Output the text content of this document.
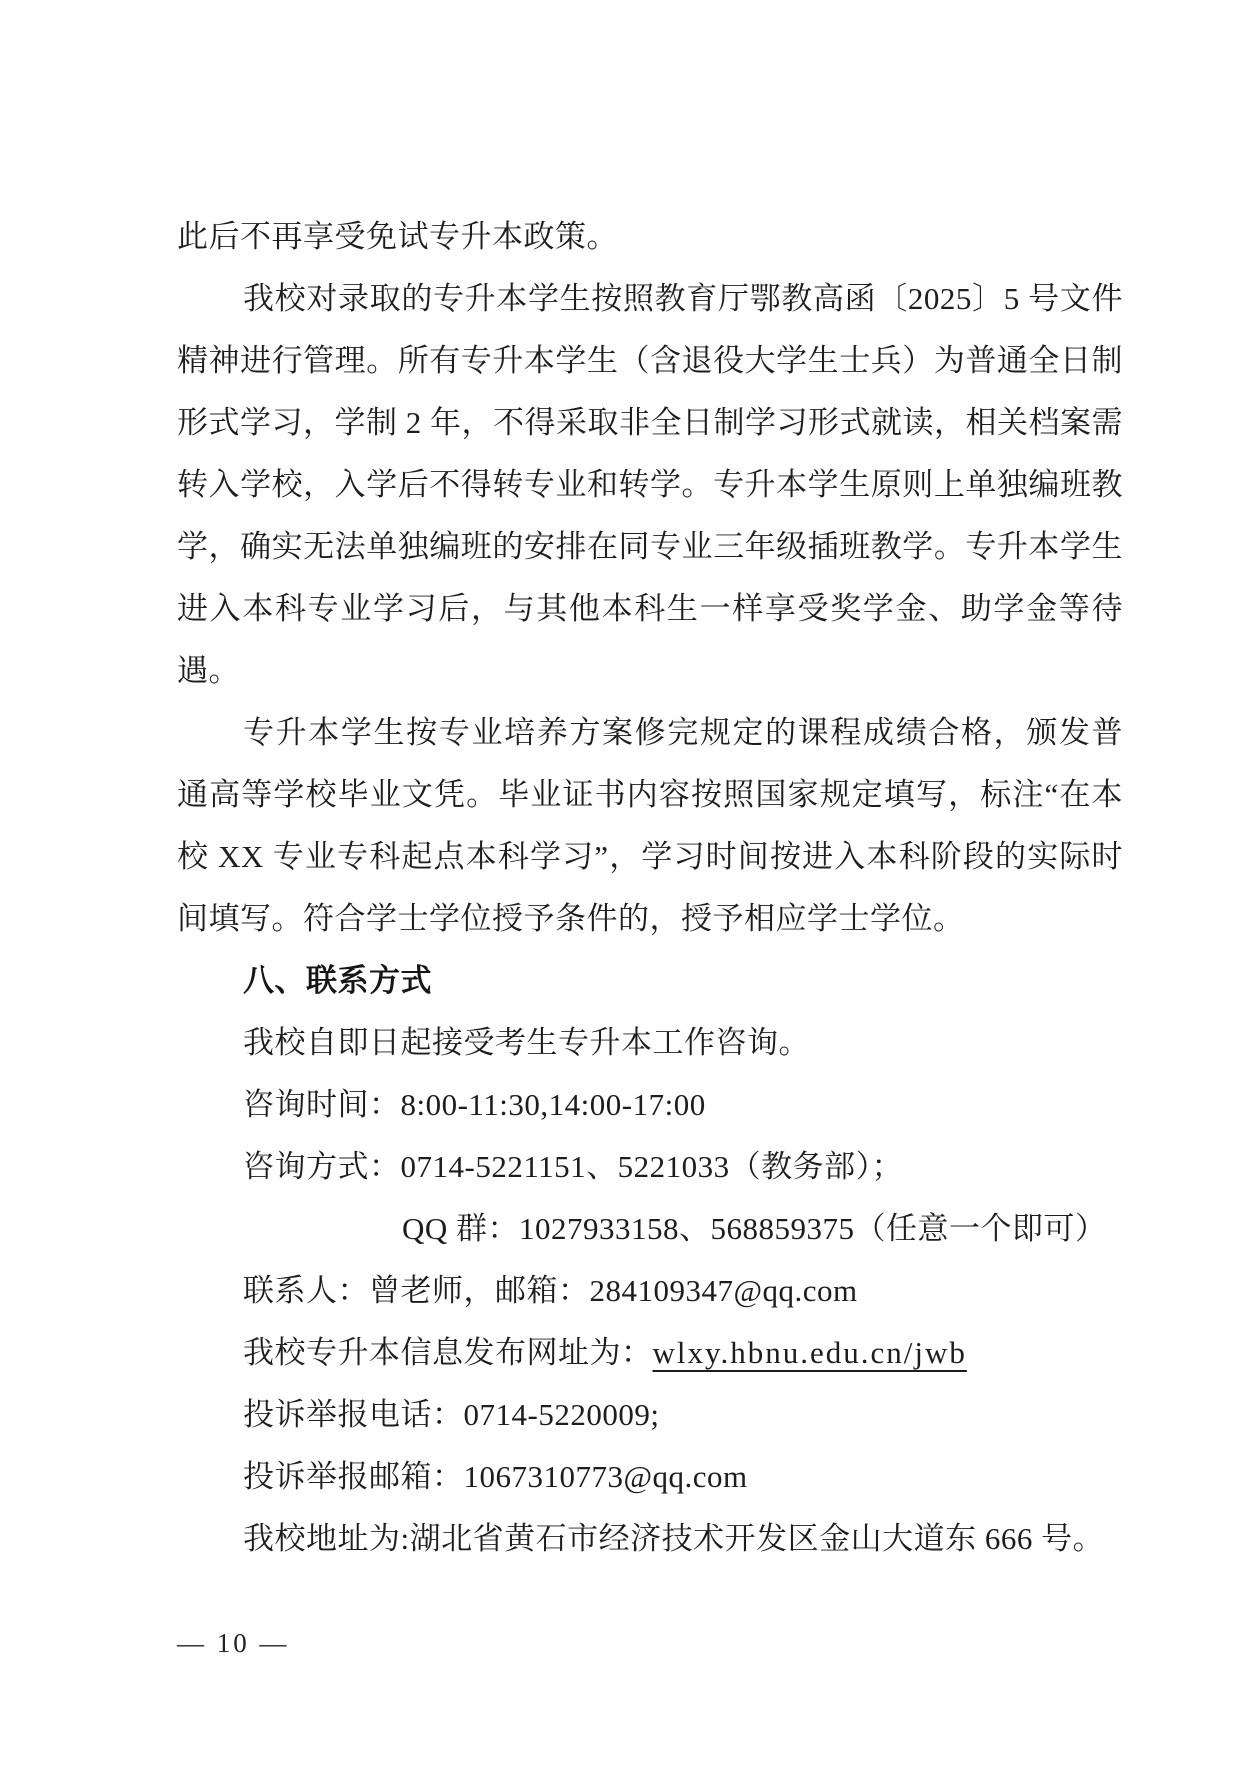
此后不再享受免试专升本政策。

我校对录取的专升本学生按照教育厅鄂教高函〔2025〕5 号文件精神进行管理。所有专升本学生（含退役大学生士兵）为普通全日制形式学习，学制 2 年，不得采取非全日制学习形式就读，相关档案需转入学校，入学后不得转专业和转学。专升本学生原则上单独编班教学，确实无法单独编班的安排在同专业三年级插班教学。专升本学生进入本科专业学习后，与其他本科生一样享受奖学金、助学金等待遇。

专升本学生按专业培养方案修完规定的课程成绩合格，颁发普通高等学校毕业文凭。毕业证书内容按照国家规定填写，标注“在本校 XX 专业专科起点本科学习”，学习时间按进入本科阶段的实际时间填写。符合学士学位授予条件的，授予相应学士学位。

八、联系方式

我校自即日起接受考生专升本工作咨询。

咨询时间：8:00-11:30,14:00-17:00

咨询方式：0714-5221151、5221033（教务部）；

QQ 群：1027933158、568859375（任意一个即可）

联系人：曾老师，邮箱：284109347@qq.com

我校专升本信息发布网址为：wlxy.hbnu.edu.cn/jwb

投诉举报电话：0714-5220009;

投诉举报邮箱：1067310773@qq.com

我校地址为:湖北省黄石市经济技术开发区金山大道东 666 号。

— 10 —
